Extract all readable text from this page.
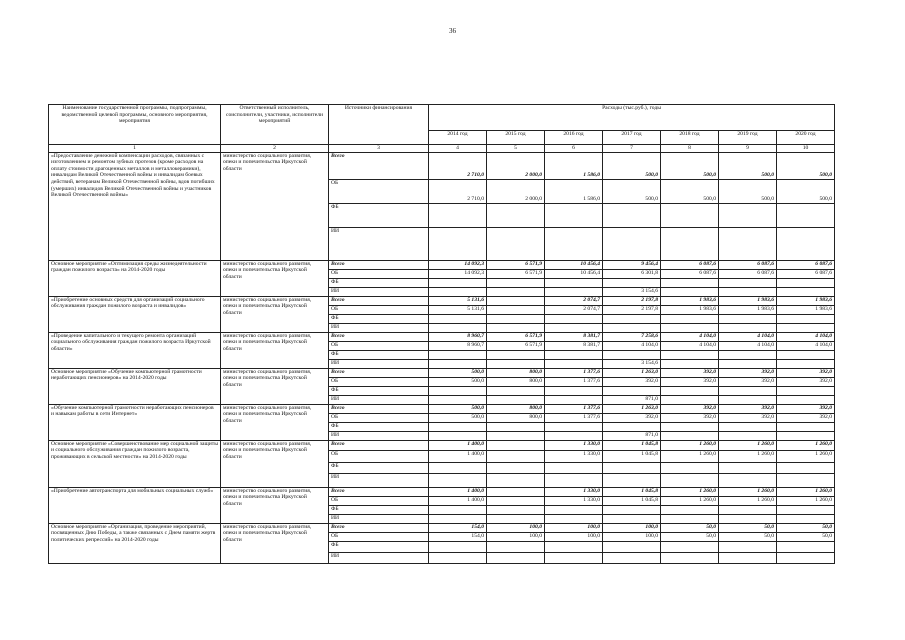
36
Наименование государственной программы, подпрограммы, ведомственной целевой программы, основного мероприятия, мероприятия	Ответственный исполнитель, соисполнители, участники, исполнители мероприятий	Источники финансирования	Расходы (тыс.руб.), годы						
			2014 год	2015 год	2016 год	2017 год	2018 год	2019 год	2020 год
1	2	3	4	5	6	7	8	9	10
«Предоставление денежной компенсации расходов, связанных с изготовлением и ремонтом зубных протезов (кроме расходов на оплату стоимости драгоценных металлов и металлокерамики), инвалидам Великой Отечественной войны и инвалидам боевых действий, ветеранам Великой Отечественной войны, вдов погибших (умерших) инвалидов Великой Отечественной войны и участников Великой Отечественной войны»	министерство социального развития, опеки и попечительства Иркутской области	Всего	2 710,0	2 000,0	1 586,0	500,0	500,0	500,0	500,0
		ОБ	2 710,0	2 000,0	1 586,0	500,0	500,0	500,0	500,0
		ФБ							
		ИИ							
Основное мероприятие «Оптимизация среды жизнедеятельности граждан пожилого возраста» на 2014-2020 годы	министерство социального развития, опеки и попечительства Иркутской области	Всего	14 092,3	6 571,9	10 456,4	9 456,4	6 087,6	6 087,6	6 087,6
		ОБ	14 092,3	6 571,9	10 456,4	6 301,8	6 087,6	6 087,6	6 087,6
		ФБ							
		ИИ				3 154,6			
«Приобретение основных средств для организаций социального обслуживания граждан пожилого возраста и инвалидов»	министерство социального развития, опеки и попечительства Иркутской области	Всего	5 131,6		2 074,7	2 197,8	1 983,6	1 983,6	1 983,6
		ОБ	5 131,6		2 074,7	2 197,8	1 983,6	1 983,6	1 983,6
		ФБ							
		ИИ							
«Проведение капитального и текущего ремонта организаций социального обслуживания граждан пожилого возраста Иркутской области»	министерство социального развития, опеки и попечительства Иркутской области	Всего	8 960,7	6 571,9	8 381,7	7 258,6	4 104,0	4 104,0	4 104,0
		ОБ	8 960,7	6 571,9	8 381,7	4 104,0	4 104,0	4 104,0	4 104,0
		ФБ							
		ИИ				3 154,6			
Основное мероприятие «Обучение компьютерной грамотности неработающих пенсионеров» на 2014-2020 годы	министерство социального развития, опеки и попечительства Иркутской области	Всего	500,0	800,0	1 377,6	1 263,0	392,0	392,0	392,0
		ОБ	500,0	800,0	1 377,6	392,0	392,0	392,0	392,0
		ФБ							
		ИИ				871,0			
«Обучение компьютерной грамотности неработающих пенсионеров и навыкам работы в сети Интернет»	министерство социального развития, опеки и попечительства Иркутской области	Всего	500,0	800,0	1 377,6	1 263,0	392,0	392,0	392,0
		ОБ	500,0	800,0	1 377,6	392,0	392,0	392,0	392,0
		ФБ							
		ИИ				871,0			
Основное мероприятие «Совершенствование мер социальной защиты и социального обслуживания граждан пожилого возраста, проживающих в сельской местности» на 2014-2020 годы	министерство социального развития, опеки и попечительства Иркутской области	Всего	1 400,0		1 330,0	1 045,8	1 260,0	1 260,0	1 260,0
		ОБ	1 400,0		1 330,0	1 045,8	1 260,0	1 260,0	1 260,0
		ФБ							
		ИИ							
«Приобретение автотранспорта для мобильных социальных служб»	министерство социального развития, опеки и попечительства Иркутской области	Всего	1 400,0		1 330,0	1 045,8	1 260,0	1 260,0	1 260,0
		ОБ	1 400,0		1 330,0	1 045,8	1 260,0	1 260,0	1 260,0
		ФБ							
		ИИ							
Основное мероприятие «Организация, проведение мероприятий, посвященных Дню Победы, а также связанных с Днем памяти жертв политических репрессий» на 2014-2020 годы	министерство социального развития, опеки и попечительства Иркутской области	Всего	154,0	100,0	100,0	100,0	50,0	50,0	50,0
		ОБ	154,0	100,0	100,0	100,0	50,0	50,0	50,0
		ФБ							
		ИИ							
